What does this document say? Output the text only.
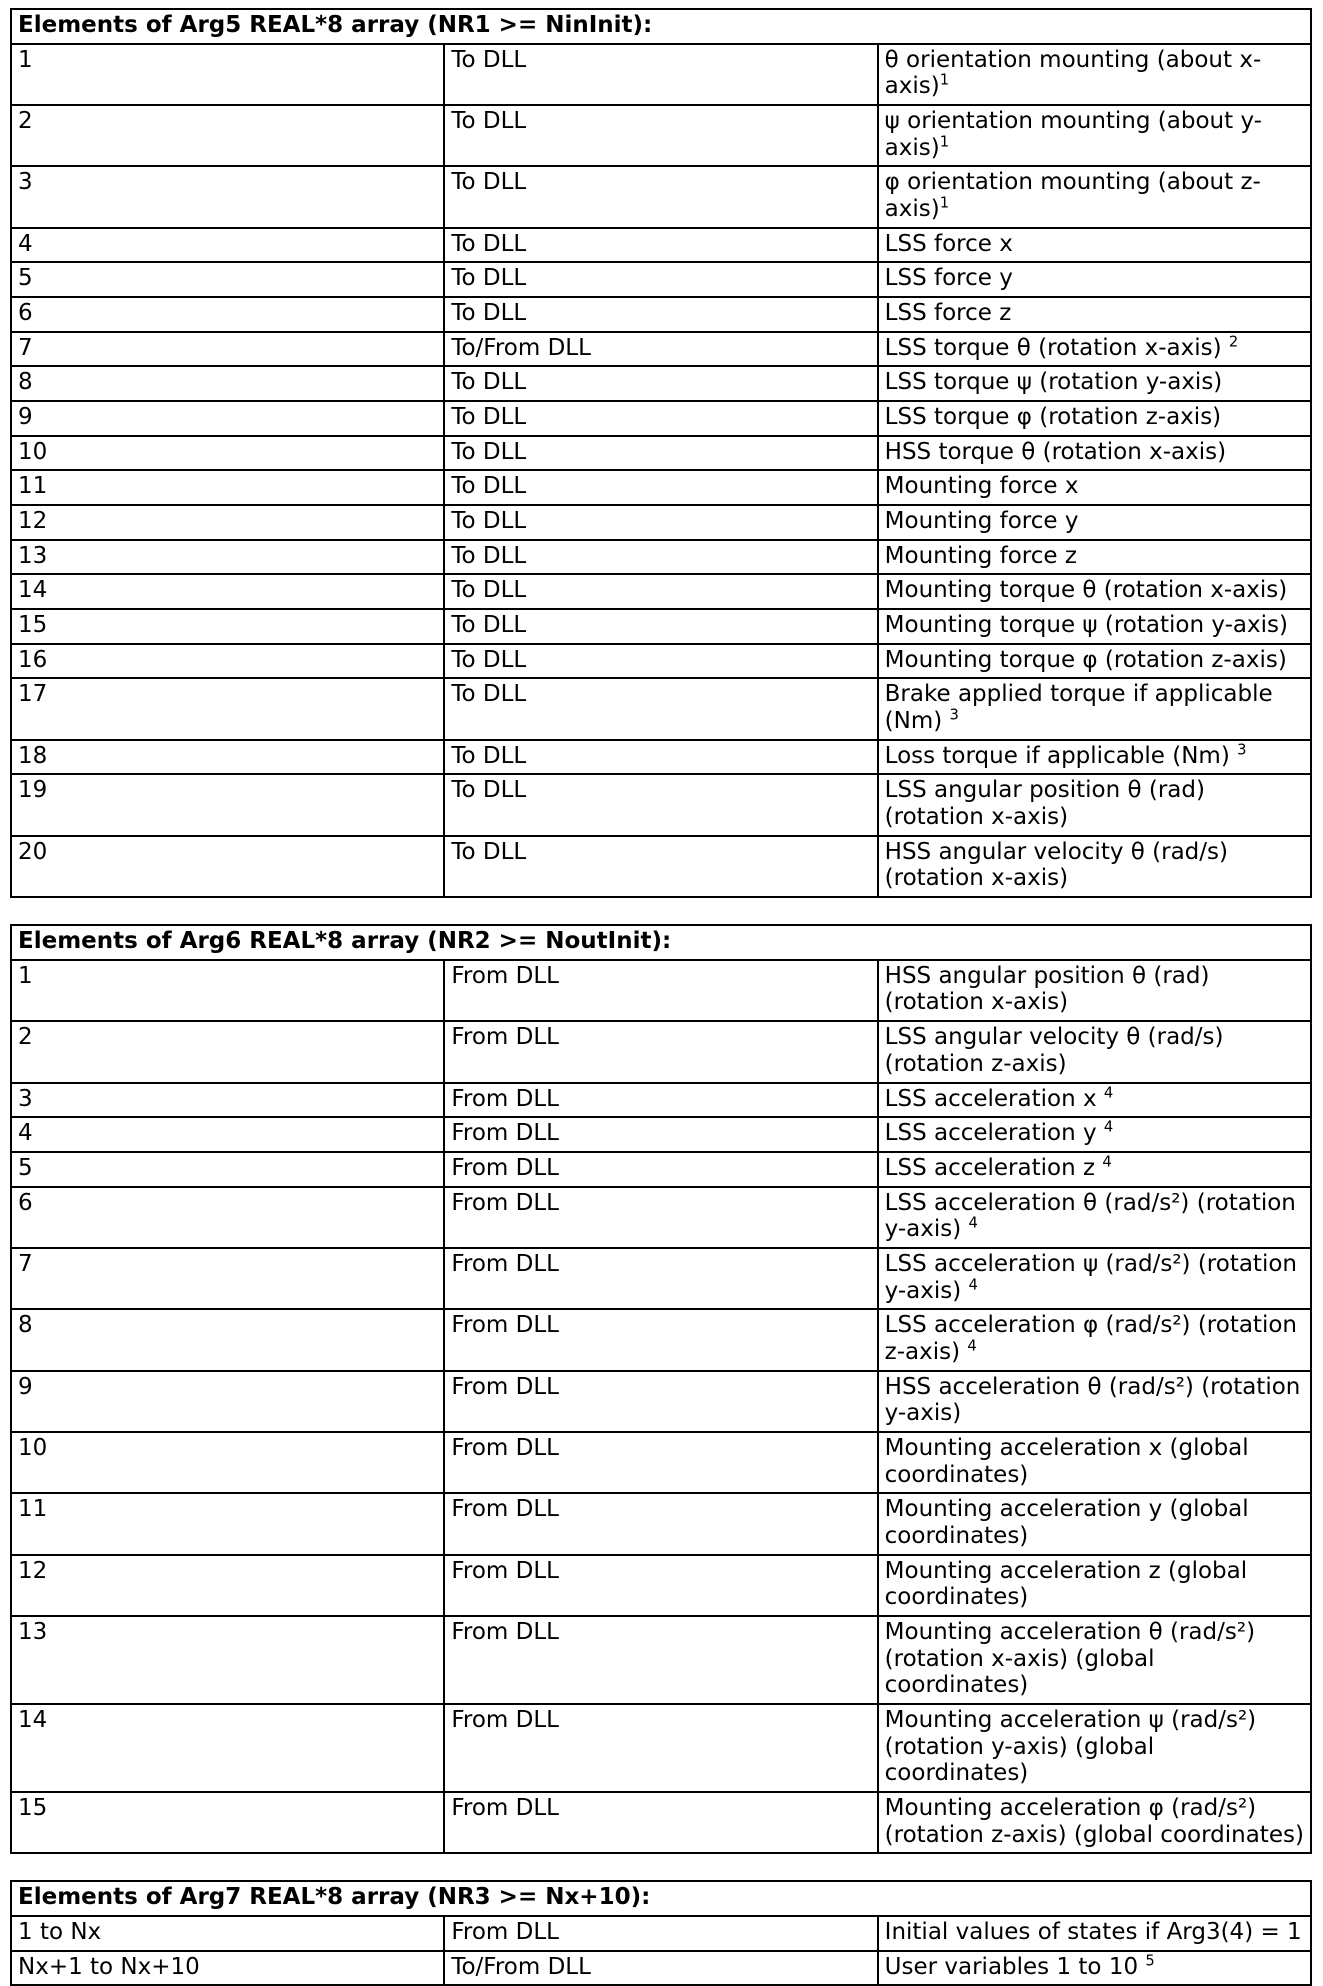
Elements of Arg5 REAL*8 array (NR1 >= NinInit):		
1	To DLL	θ orientation mounting (about x-axis)$^1$
2	To DLL	ψ orientation mounting (about y-axis)$^1$
3	To DLL	φ orientation mounting (about z-axis)$^1$
4	To DLL	LSS force x
5	To DLL	LSS force y
6	To DLL	LSS force z
7	To/From DLL	LSS torque θ (rotation x-axis) $^2$
8	To DLL	LSS torque ψ (rotation y-axis)
9	To DLL	LSS torque φ (rotation z-axis)
10	To DLL	HSS torque θ (rotation x-axis)
11	To DLL	Mounting force x
12	To DLL	Mounting force y
13	To DLL	Mounting force z
14	To DLL	Mounting torque θ (rotation x-axis)
15	To DLL	Mounting torque ψ (rotation y-axis)
16	To DLL	Mounting torque φ (rotation z-axis)
17	To DLL	Brake applied torque if applicable (Nm) $^3$
18	To DLL	Loss torque if applicable (Nm) $^3$
19	To DLL	LSS angular position θ (rad) (rotation x-axis)
20	To DLL	HSS angular velocity θ (rad/s) (rotation x-axis)
Elements of Arg6 REAL*8 array (NR2 >= NoutInit):		
1	From DLL	HSS angular position θ (rad) (rotation x-axis)
2	From DLL	LSS angular velocity θ (rad/s) (rotation z-axis)
3	From DLL	LSS acceleration x $^4$
4	From DLL	LSS acceleration y $^4$
5	From DLL	LSS acceleration z $^4$
6	From DLL	LSS acceleration θ (rad/s²) (rotation y-axis) $^4$
7	From DLL	LSS acceleration ψ (rad/s²) (rotation y-axis) $^4$
8	From DLL	LSS acceleration φ (rad/s²) (rotation z-axis) $^4$
9	From DLL	HSS acceleration θ (rad/s²) (rotation y-axis)
10	From DLL	Mounting acceleration x (global coordinates)
11	From DLL	Mounting acceleration y (global coordinates)
12	From DLL	Mounting acceleration z (global coordinates)
13	From DLL	Mounting acceleration θ (rad/s²) (rotation x-axis) (global coordinates)
14	From DLL	Mounting acceleration ψ (rad/s²) (rotation y-axis) (global coordinates)
15	From DLL	Mounting acceleration φ (rad/s²) (rotation z-axis) (global coordinates)
Elements of Arg7 REAL*8 array (NR3 >= Nx+10):		
1 to Nx	From DLL	Initial values of states if Arg3(4) = 1
Nx+1 to Nx+10	To/From DLL	User variables 1 to 10 $^5$
